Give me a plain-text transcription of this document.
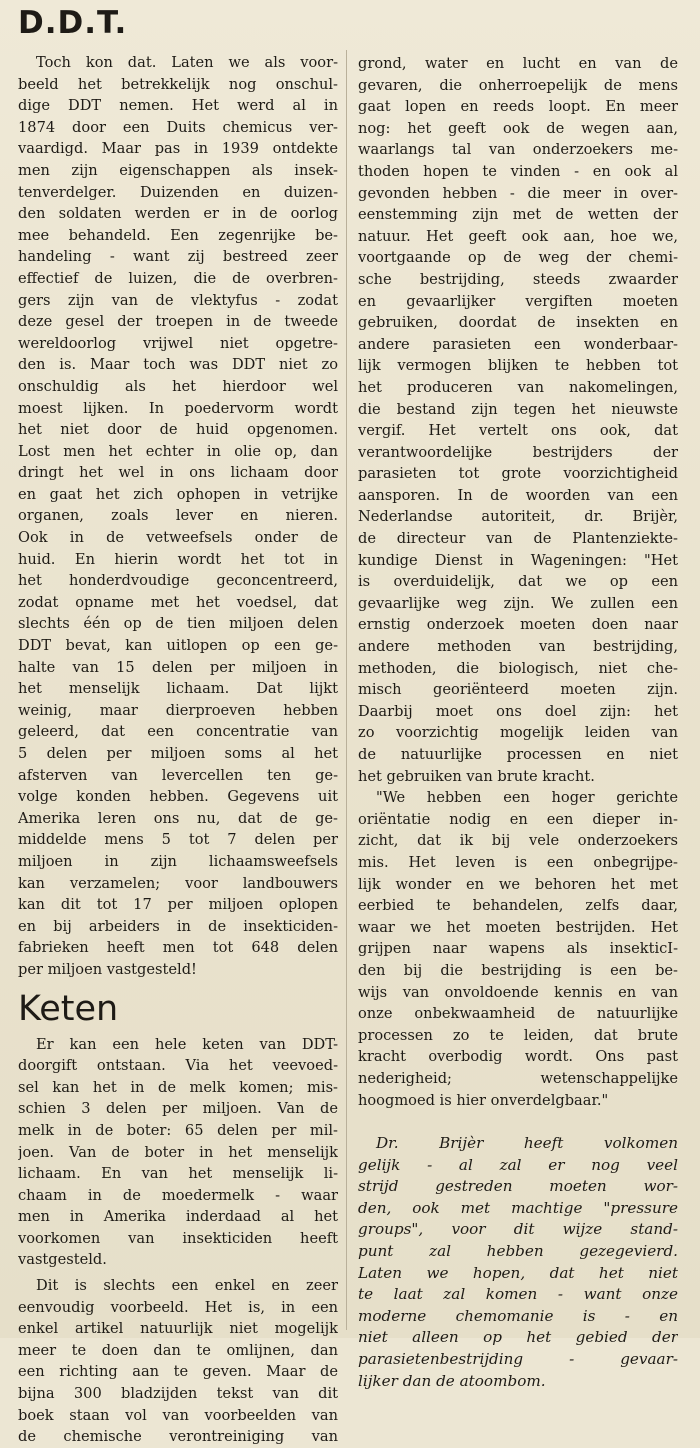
D.D.T.
Toch kon dat. Laten we als voor-
beeld het betrekkelijk nog onschul-
dige DDT nemen. Het werd al in
1874 door een Duits chemicus ver-
vaardigd. Maar pas in 1939 ontdekte
men zijn eigenschappen als insek-
tenverdelger. Duizenden en duizen-
den soldaten werden er in de oorlog
mee behandeld. Een zegenrijke be-
handeling - want zij bestreed zeer
effectief de luizen, die de overbren-
gers zijn van de vlektyfus - zodat
deze gesel der troepen in de tweede
wereldoorlog vrijwel niet opgetre-
den is. Maar toch was DDT niet zo
onschuldig als het hierdoor wel
moest lijken. In poedervorm wordt
het niet door de huid opgenomen.
Lost men het echter in olie op, dan
dringt het wel in ons lichaam door
en gaat het zich ophopen in vetrijke
organen, zoals lever en nieren.
Ook in de vetweefsels onder de
huid. En hierin wordt het tot in
het honderdvoudige geconcentreerd,
zodat opname met het voedsel, dat
slechts één op de tien miljoen delen
DDT bevat, kan uitlopen op een ge-
halte van 15 delen per miljoen in
het menselijk lichaam. Dat lijkt
weinig, maar dierproeven hebben
geleerd, dat een concentratie van
5 delen per miljoen soms al het
afsterven van levercellen ten ge-
volge konden hebben. Gegevens uit
Amerika leren ons nu, dat de ge-
middelde mens 5 tot 7 delen per
miljoen in zijn lichaamsweefsels
kan verzamelen; voor landbouwers
kan dit tot 17 per miljoen oplopen
en bij arbeiders in de insekticiden-
fabrieken heeft men tot 648 delen
per miljoen vastgesteld!
Keten
Er kan een hele keten van DDT-
doorgift ontstaan. Via het veevoed-
sel kan het in de melk komen; mis-
schien 3 delen per miljoen. Van de
melk in de boter: 65 delen per mil-
joen. Van de boter in het menselijk
lichaam. En van het menselijk li-
chaam in de moedermelk - waar
men in Amerika inderdaad al het
voorkomen van insekticiden heeft
vastgesteld.
Dit is slechts een enkel en zeer
eenvoudig voorbeeld. Het is, in een
enkel artikel natuurlijk niet mogelijk
meer te doen dan te omlijnen, dan
een richting aan te geven. Maar de
bijna 300 bladzijden tekst van dit
boek staan vol van voorbeelden van
de chemische verontreiniging van
grond, water en lucht en van de
gevaren, die onherroepelijk de mens
gaat lopen en reeds loopt. En meer
nog: het geeft ook de wegen aan,
waarlangs tal van onderzoekers me-
thoden hopen te vinden - en ook al
gevonden hebben - die meer in over-
eenstemming zijn met de wetten der
natuur. Het geeft ook aan, hoe we,
voortgaande op de weg der chemi-
sche bestrijding, steeds zwaarder
en gevaarlijker vergiften moeten
gebruiken, doordat de insekten en
andere parasieten een wonderbaar-
lijk vermogen blijken te hebben tot
het produceren van nakomelingen,
die bestand zijn tegen het nieuwste
vergif. Het vertelt ons ook, dat
verantwoordelijke bestrijders der
parasieten tot grote voorzichtigheid
aansporen. In de woorden van een
Nederlandse autoriteit, dr. Brijèr,
de directeur van de Plantenziekte-
kundige Dienst in Wageningen: "Het
is overduidelijk, dat we op een
gevaarlijke weg zijn. We zullen een
ernstig onderzoek moeten doen naar
andere methoden van bestrijding,
methoden, die biologisch, niet che-
misch georiënteerd moeten zijn.
Daarbij moet ons doel zijn: het
zo voorzichtig mogelijk leiden van
de natuurlijke processen en niet
het gebruiken van brute kracht.
"We hebben een hoger gerichte
oriëntatie nodig en een dieper in-
zicht, dat ik bij vele onderzoekers
mis. Het leven is een onbegrijpe-
lijk wonder en we behoren het met
eerbied te behandelen, zelfs daar,
waar we het moeten bestrijden. Het
grijpen naar wapens als insekticI-
den bij die bestrijding is een be-
wijs van onvoldoende kennis en van
onze onbekwaamheid de natuurlijke
processen zo te leiden, dat brute
kracht overbodig wordt. Ons past
nederigheid; wetenschappelijke
hoogmoed is hier onverdelgbaar."
Dr. Brijèr heeft volkomen
gelijk - al zal er nog veel
strijd gestreden moeten wor-
den, ook met machtige "pressure
groups", voor dit wijze stand-
punt zal hebben gezegevierd.
Laten we hopen, dat het niet
te laat zal komen - want onze
moderne chemomanie is - en
niet alleen op het gebied der
parasietenbestrijding - gevaar-
lijker dan de atoombom.
